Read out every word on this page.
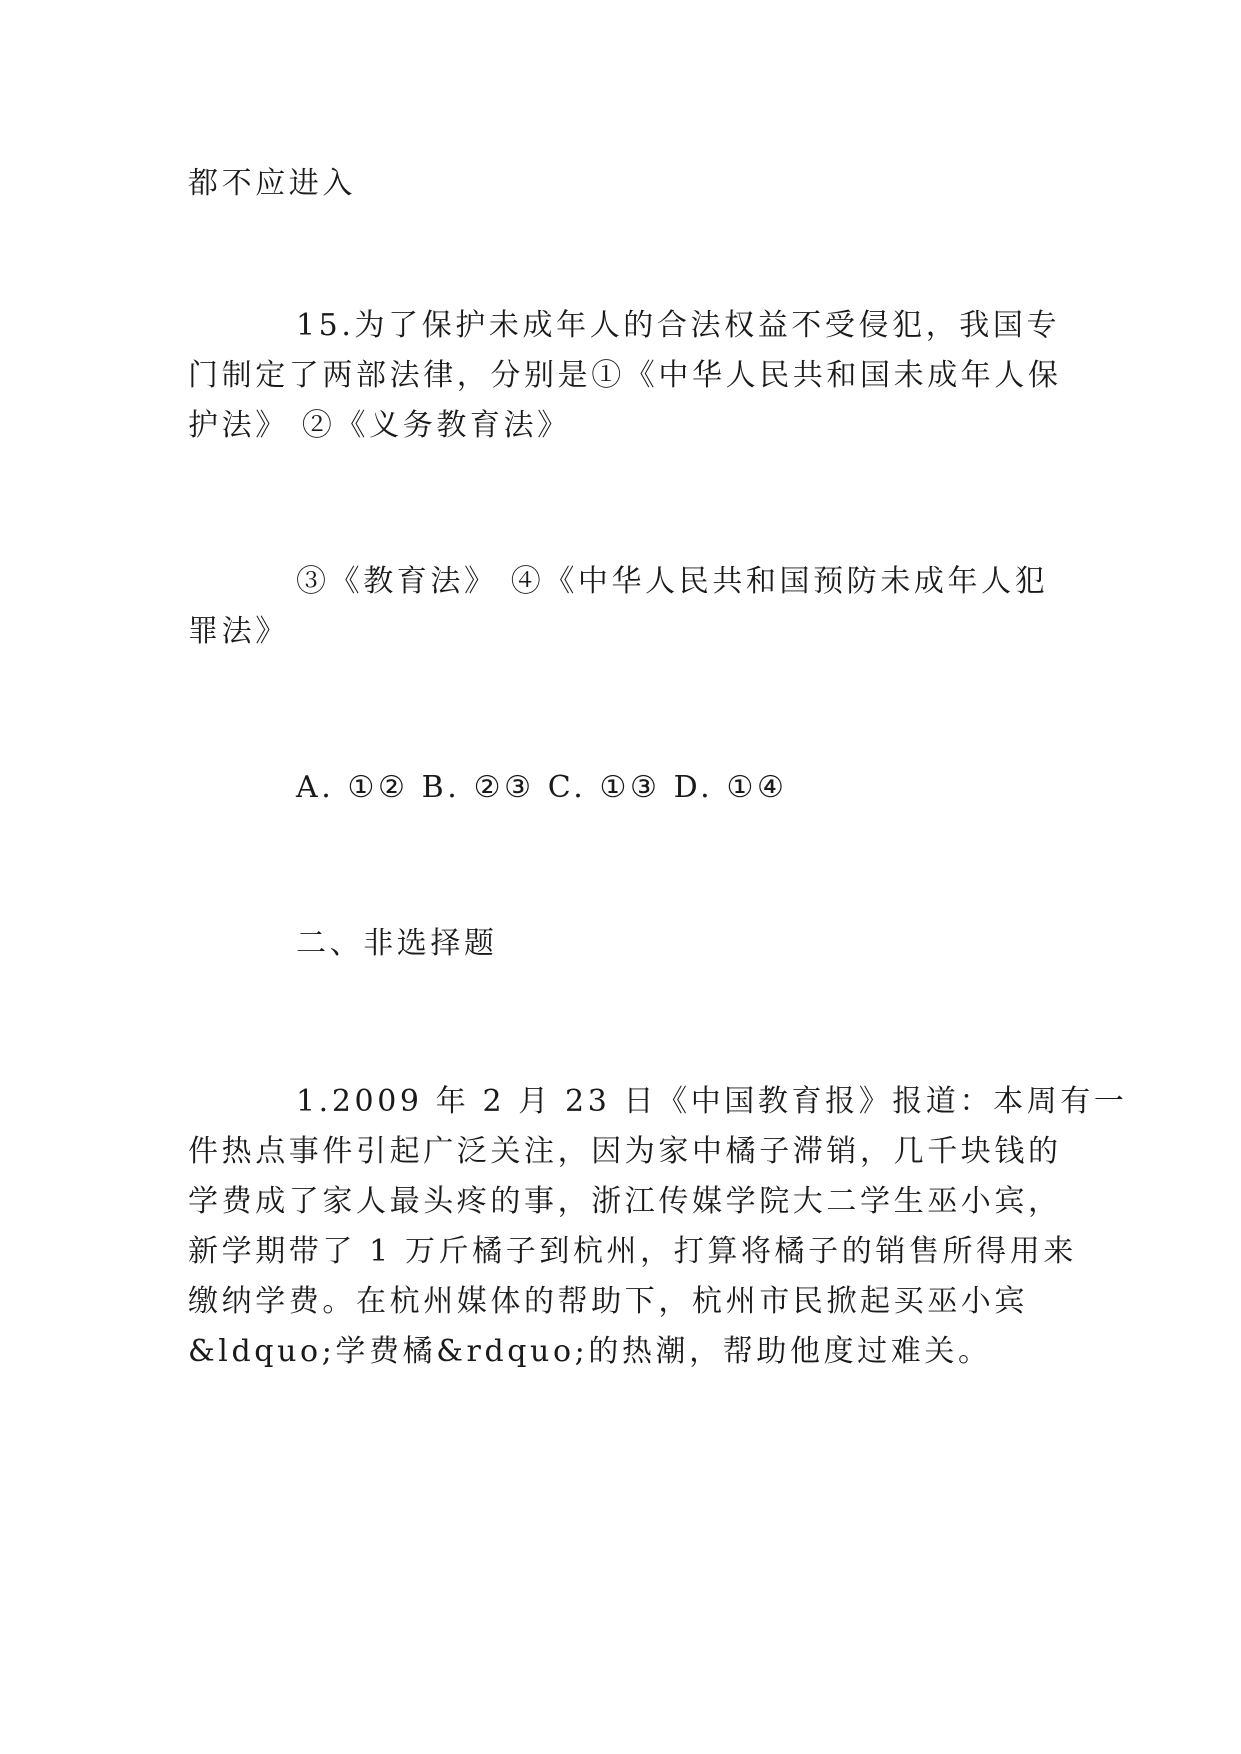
都不应进入
15.为了保护未成年人的合法权益不受侵犯，我国专
门制定了两部法律，分别是①《中华人民共和国未成年人保
护法》 ②《义务教育法》
③《教育法》 ④《中华人民共和国预防未成年人犯
罪法》
A. ①② B. ②③ C. ①③ D. ①④
二、非选择题
1.2009 年 2 月 23 日《中国教育报》报道：本周有一
件热点事件引起广泛关注，因为家中橘子滞销，几千块钱的
学费成了家人最头疼的事，浙江传媒学院大二学生巫小宾，
新学期带了 1 万斤橘子到杭州，打算将橘子的销售所得用来
缴纳学费。在杭州媒体的帮助下，杭州市民掀起买巫小宾
&ldquo;学费橘&rdquo;的热潮，帮助他度过难关。
